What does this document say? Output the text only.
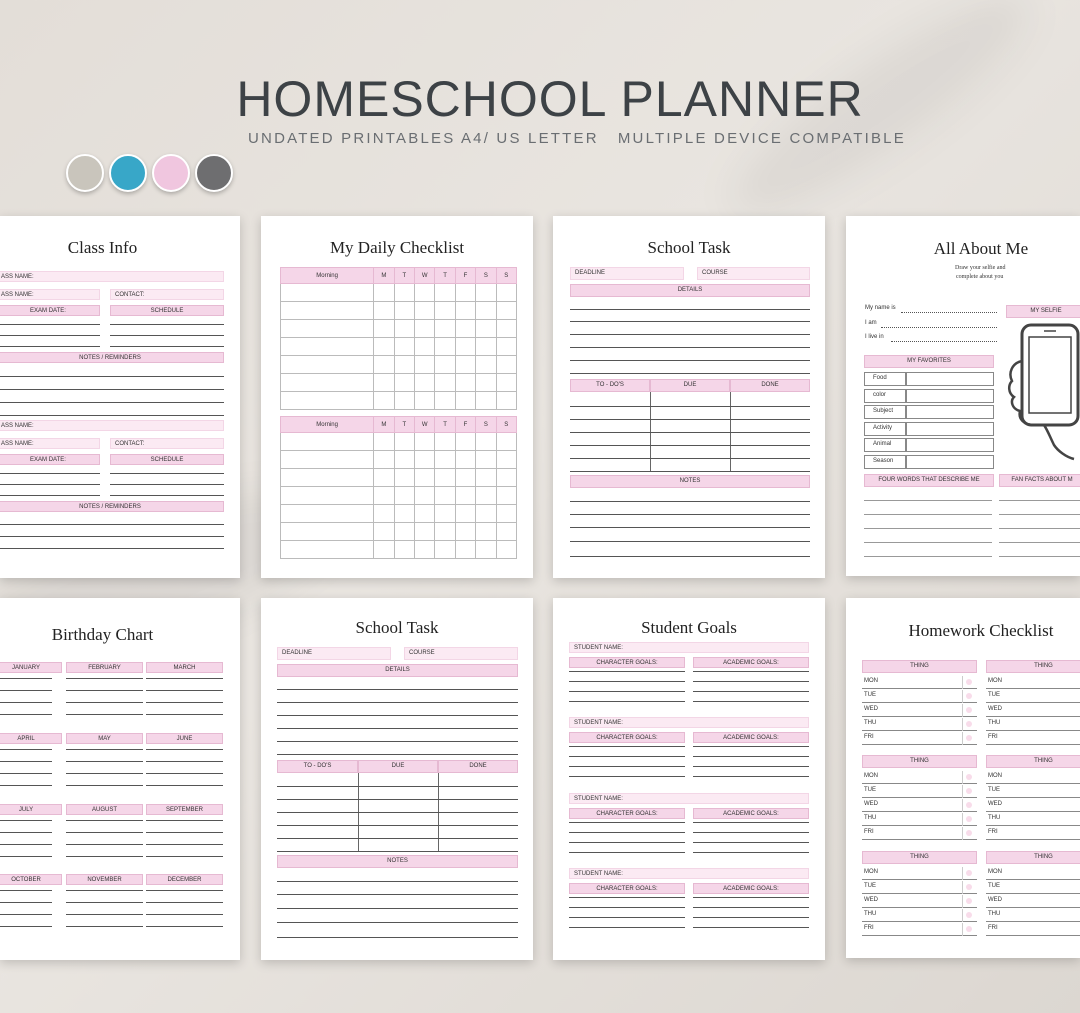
HOMESCHOOL PLANNER
UNDATED PRINTABLES A4/ US LETTER   MULTIPLE DEVICE COMPATIBLE
Class Info
ASS NAME:
ASS NAME:	CONTACT:
EXAM DATE:	SCHEDULE
NOTES / REMINDERS
ASS NAME:
ASS NAME:	CONTACT:
EXAM DATE:	SCHEDULE
NOTES / REMINDERS
My Daily Checklist
Morning	M	T	W	T	F	S	S

Morning	M	T	W	T	F	S	S

School Task
DEADLINE	COURSE
DETAILS
TO - DO'S	DUE	DONE
NOTES
All About Me
Draw your selfie and
complete about you
My name is
I am
I live in
MY SELFIE
MY FAVORITES
FOUR WORDS THAT DESCRIBE ME	FAN FACTS ABOUT M
Food
color
Subject
Activity
Animal
Season
Birthday Chart
JANUARY	FEBRUARY	MARCH
APRIL	MAY	JUNE
JULY	AUGUST	SEPTEMBER
OCTOBER	NOVEMBER	DECEMBER
School Task
DEADLINE	COURSE
DETAILS
TO - DO'S	DUE	DONE
NOTES
Student Goals
STUDENT NAME:
CHARACTER GOALS:	ACADEMIC GOALS:
STUDENT NAME:
CHARACTER GOALS:	ACADEMIC GOALS:
STUDENT NAME:
CHARACTER GOALS:	ACADEMIC GOALS:
STUDENT NAME:
CHARACTER GOALS:	ACADEMIC GOALS:
Homework Checklist
THING
MON
TUE
WED
THU
FRI
THING
MON
TUE
WED
THU
FRI
THING
MON
TUE
WED
THU
FRI
THING
MON
TUE
WED
THU
FRI
THING
MON
TUE
WED
THU
FRI
THING
MON
TUE
WED
THU
FRI
